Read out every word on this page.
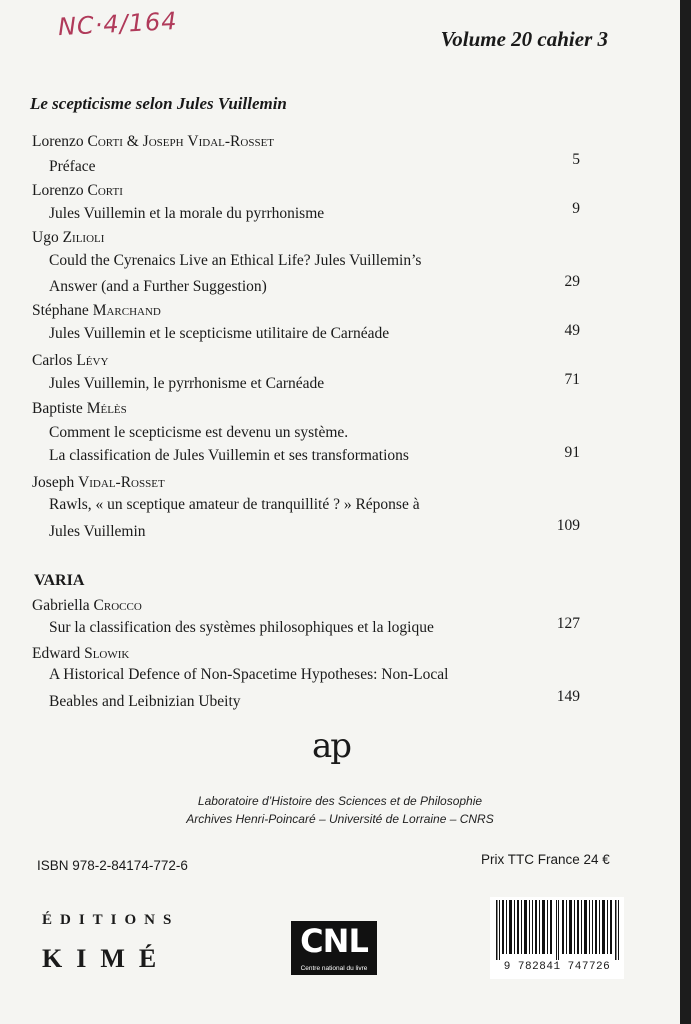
NC·4/164	Volume 20 cahier 3
Le scepticisme selon Jules Vuillemin
Lorenzo Corti & Joseph Vidal-Rosset
Préface	5
Lorenzo Corti
Jules Vuillemin et la morale du pyrrhonisme	9
Ugo Zilioli
Could the Cyrenaics Live an Ethical Life? Jules Vuillemin’s
Answer (and a Further Suggestion)	29
Stéphane Marchand
Jules Vuillemin et le scepticisme utilitaire de Carnéade	49
Carlos Lévy
Jules Vuillemin, le pyrrhonisme et Carnéade	71
Baptiste Mélès
Comment le scepticisme est devenu un système.
La classification de Jules Vuillemin et ses transformations	91
Joseph Vidal-Rosset
Rawls, « un sceptique amateur de tranquillité ? » Réponse à
Jules Vuillemin	109
VARIA
Gabriella Crocco
Sur la classification des systèmes philosophiques et la logique	127
Edward Slowik
A Historical Defence of Non-Spacetime Hypotheses: Non-Local
Beables and Leibnizian Ubeity	149
ap
Laboratoire d’Histoire des Sciences et de Philosophie
Archives Henri-Poincaré – Université de Lorraine – CNRS
ISBN 978-2-84174-772-6	Prix TTC France 24 €
ÉDITIONS
KIMÉ	CNL
Centre national du livre	9 782841 747726
